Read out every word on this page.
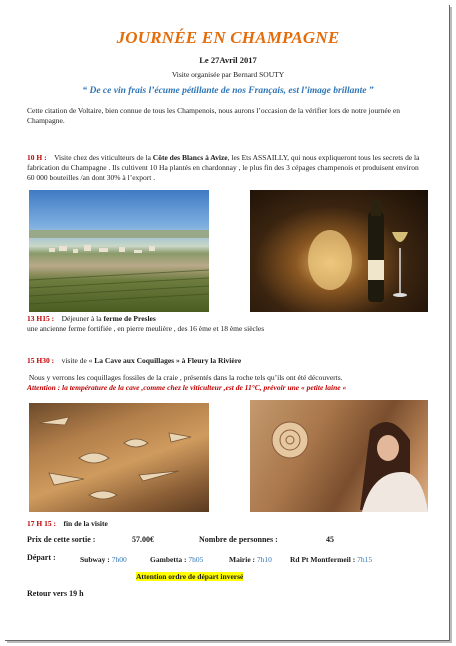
JOURNÉE EN CHAMPAGNE
Le 27Avril 2017
Visite organisée par Bernard SOUTY
“ De ce vin frais l’écume pétillante de nos Français, est l’image brillante ”
Cette citation de Voltaire, bien connue de tous les Champenois, nous aurons l’occasion de la vérifier lors de notre journée en Champagne.
10 H : Visite chez des viticulteurs de la Côte des Blancs à Avize, les Ets ASSAILLY, qui nous expliqueront tous les secrets de la fabrication du Champagne . Ils cultivent 10 Ha plantés en chardonnay , le plus fin des 3 cépages champenois et produisent environ 60 000 bouteilles /an dont 30% à l’export .
13 H15 : Déjeuner à la ferme de Presles
une ancienne ferme fortifiée , en pierre meulière , des 16 ème et 18 ème siècles
15 H30 : visite de « La Cave aux Coquillages » à Fleury la Rivière
Nous y verrons les coquillages fossiles de la craie , présentés dans la roche tels qu’ils ont été découverts.
Attention : la température de la cave ,comme chez le viticulteur ,est de 11°C, prévoir une « petite laine «
17 H 15 : fin de la visite
Prix de cette sortie :	57.00€	Nombre de personnes :	45
Départ :	Subway : 7h00	Gambetta : 7h05	Mairie : 7h10 Rd Pt Montfermeil : 7h15
Attention ordre de départ inversé
Retour vers 19 h
